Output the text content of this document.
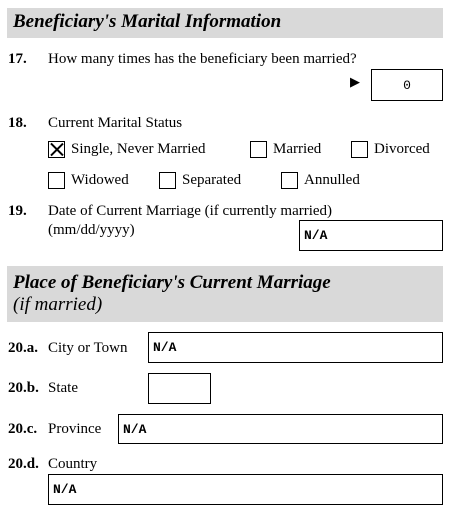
Beneficiary's Marital Information
17. How many times has the beneficiary been married?
▶	0
18. Current Marital Status
Single, Never Married	Married	Divorced
Widowed	Separated	Annulled
19. Date of Current Marriage (if currently married)
(mm/dd/yyyy)	N/A
Place of Beneficiary's Current Marriage
(if married)
20.a. City or Town	N/A
20.b. State
20.c. Province	N/A
20.d. Country
N/A
